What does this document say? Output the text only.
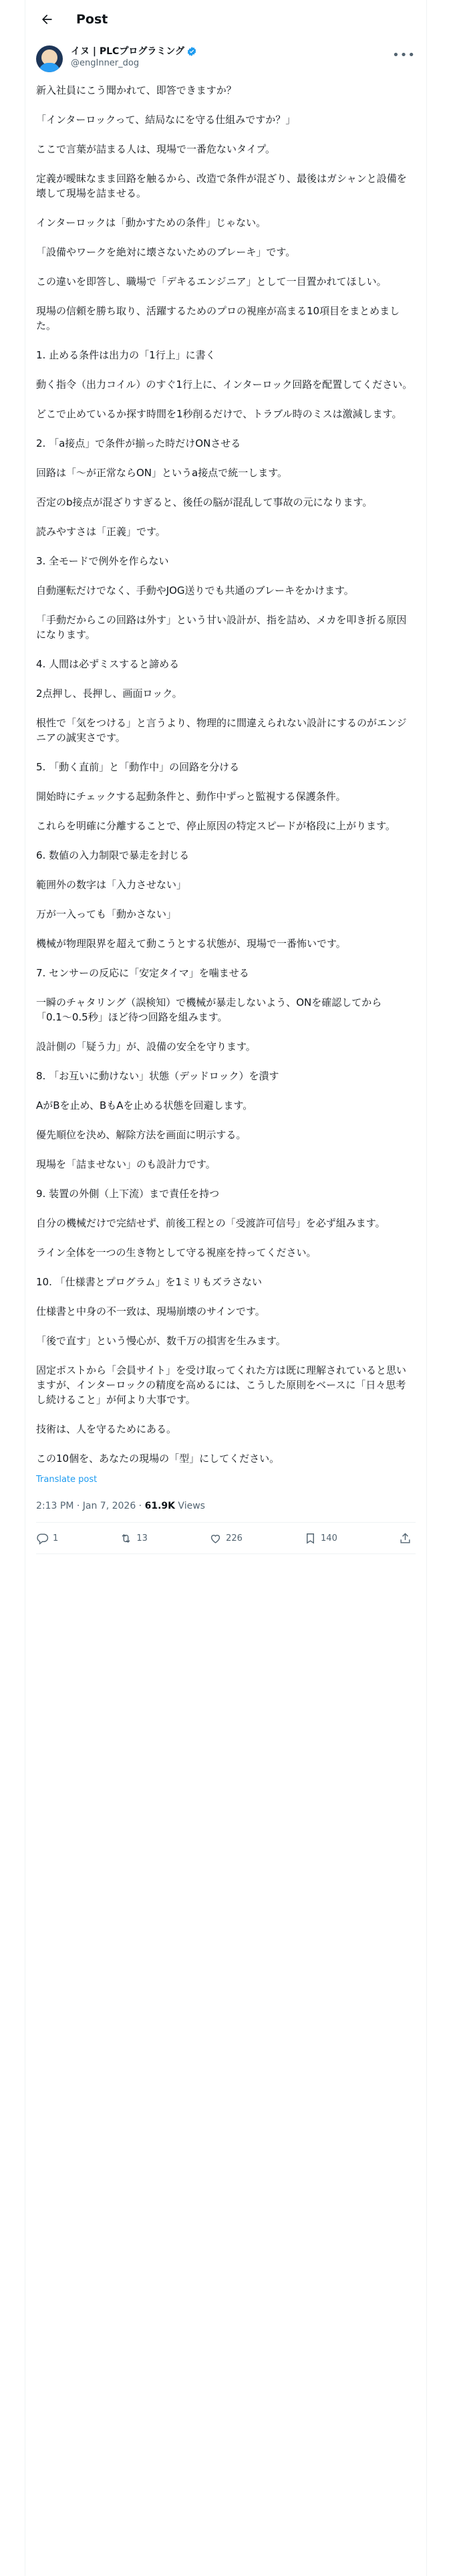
Post
イヌ | PLCプログラミング
@engInner_dog
•••

新入社員にこう聞かれて、即答できますか？

「インターロックって、結局なにを守る仕組みですか？」

ここで言葉が詰まる人は、現場で一番危ないタイプ。

定義が曖昧なまま回路を触るから、改造で条件が混ざり、最後はガシャンと設備を壊して現場を詰ませる。

インターロックは「動かすための条件」じゃない。

「設備やワークを絶対に壊さないためのブレーキ」です。

この違いを即答し、職場で「デキるエンジニア」として一目置かれてほしい。

現場の信頼を勝ち取り、活躍するためのプロの視座が高まる10項目をまとめました。

1. 止める条件は出力の「1行上」に書く

動く指令（出力コイル）のすぐ1行上に、インターロック回路を配置してください。

どこで止めているか探す時間を1秒削るだけで、トラブル時のミスは激減します。

2. 「a接点」で条件が揃った時だけONさせる

回路は「〜が正常ならON」というa接点で統一します。

否定のb接点が混ざりすぎると、後任の脳が混乱して事故の元になります。

読みやすさは「正義」です。

3. 全モードで例外を作らない

自動運転だけでなく、手動やJOG送りでも共通のブレーキをかけます。

「手動だからこの回路は外す」という甘い設計が、指を詰め、メカを叩き折る原因になります。

4. 人間は必ずミスすると諦める

2点押し、長押し、画面ロック。

根性で「気をつける」と言うより、物理的に間違えられない設計にするのがエンジニアの誠実さです。

5. 「動く直前」と「動作中」の回路を分ける

開始時にチェックする起動条件と、動作中ずっと監視する保護条件。

これらを明確に分離することで、停止原因の特定スピードが格段に上がります。

6. 数値の入力制限で暴走を封じる

範囲外の数字は「入力させない」

万が一入っても「動かさない」

機械が物理限界を超えて動こうとする状態が、現場で一番怖いです。

7. センサーの反応に「安定タイマ」を噛ませる

一瞬のチャタリング（誤検知）で機械が暴走しないよう、ONを確認してから「0.1〜0.5秒」ほど待つ回路を組みます。

設計側の「疑う力」が、設備の安全を守ります。

8. 「お互いに動けない」状態（デッドロック）を潰す

AがBを止め、BもAを止める状態を回避します。

優先順位を決め、解除方法を画面に明示する。

現場を「詰ませない」のも設計力です。

9. 装置の外側（上下流）まで責任を持つ

自分の機械だけで完結せず、前後工程との「受渡許可信号」を必ず組みます。

ライン全体を一つの生き物として守る視座を持ってください。

10. 「仕様書とプログラム」を1ミリもズラさない

仕様書と中身の不一致は、現場崩壊のサインです。

「後で直す」という慢心が、数千万の損害を生みます。

固定ポストから「会員サイト」を受け取ってくれた方は既に理解されていると思いますが、インターロックの精度を高めるには、こうした原則をベースに「日々思考し続けること」が何より大事です。

技術は、人を守るためにある。

この10個を、あなたの現場の「型」にしてください。

Translate post
2:13 PM · Jan 7, 2026 · 61.9K Views
1	13	226	140
